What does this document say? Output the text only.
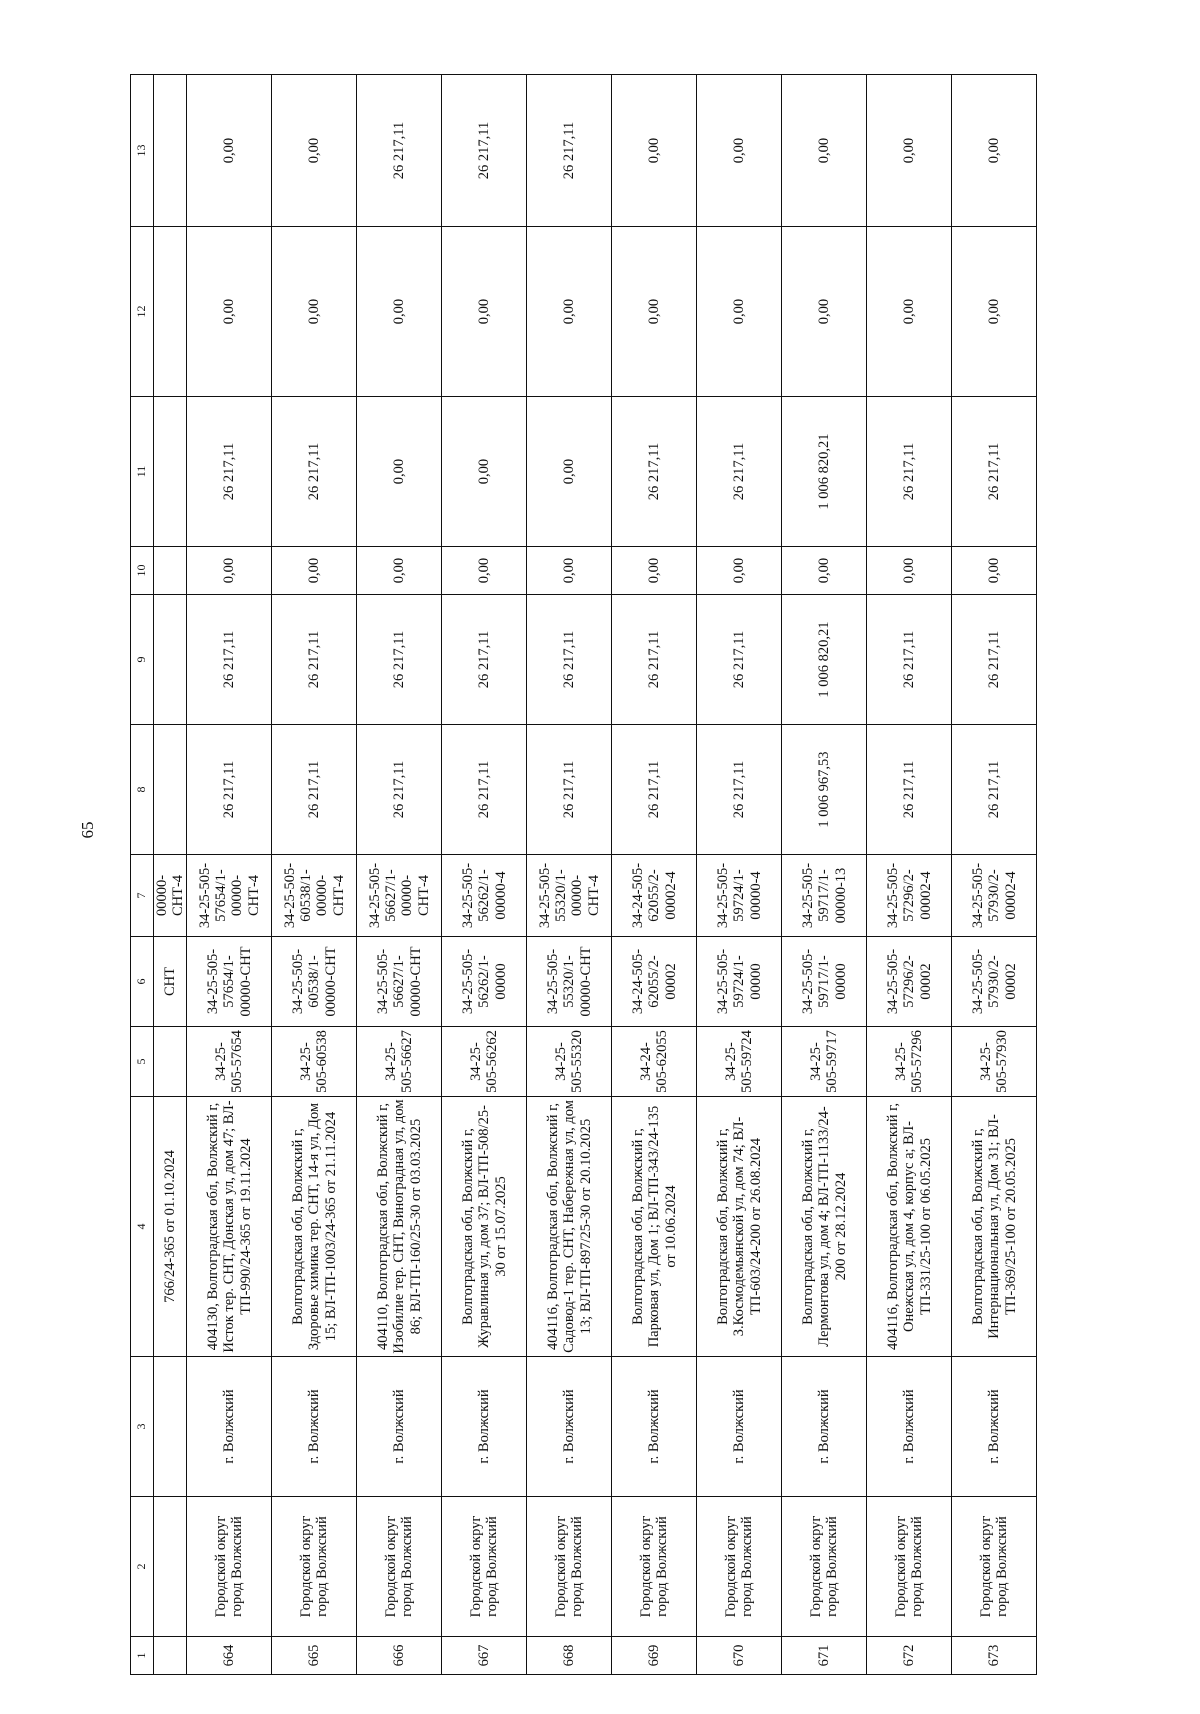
65
1	2	3	4	5	6	7	8	9	10	11	12	13
			766/24-365 от 01.10.2024		СНТ	00000-СНТ-4						
664	Городской округ город Волжский	г. Волжский	404130, Волгоградская обл, Волжский г, Исток тер. СНТ, Донская ул, дом 47; ВЛ-ТП-990/24-365 от 19.11.2024	34-25-505-57654	34-25-505-57654/1-00000-СНТ	34-25-505-57654/1-00000-СНТ-4	26 217,11	26 217,11	0,00	26 217,11	0,00	0,00
665	Городской округ город Волжский	г. Волжский	Волгоградская обл, Волжский г, Здоровье химика тер. СНТ, 14-я ул, Дом 15; ВЛ-ТП-1003/24-365 от 21.11.2024	34-25-505-60538	34-25-505-60538/1-00000-СНТ	34-25-505-60538/1-00000-СНТ-4	26 217,11	26 217,11	0,00	26 217,11	0,00	0,00
666	Городской округ город Волжский	г. Волжский	404110, Волгоградская обл, Волжский г, Изобилие тер. СНТ, Виноградная ул, дом 86; ВЛ-ТП-160/25-30 от 03.03.2025	34-25-505-56627	34-25-505-56627/1-00000-СНТ	34-25-505-56627/1-00000-СНТ-4	26 217,11	26 217,11	0,00	0,00	0,00	26 217,11
667	Городской округ город Волжский	г. Волжский	Волгоградская обл, Волжский г, Журавлиная ул, дом 37; ВЛ-ТП-508/25-30 от 15.07.2025	34-25-505-56262	34-25-505-56262/1-00000	34-25-505-56262/1-00000-4	26 217,11	26 217,11	0,00	0,00	0,00	26 217,11
668	Городской округ город Волжский	г. Волжский	404116, Волгоградская обл, Волжский г, Садовод-1 тер. СНТ, Набережная ул, дом 13; ВЛ-ТП-897/25-30 от 20.10.2025	34-25-505-55320	34-25-505-55320/1-00000-СНТ	34-25-505-55320/1-00000-СНТ-4	26 217,11	26 217,11	0,00	0,00	0,00	26 217,11
669	Городской округ город Волжский	г. Волжский	Волгоградская обл, Волжский г, Парковая ул, Дом 1; ВЛ-ТП-343/24-135 от 10.06.2024	34-24-505-62055	34-24-505-62055/2-00002	34-24-505-62055/2-00002-4	26 217,11	26 217,11	0,00	26 217,11	0,00	0,00
670	Городской округ город Волжский	г. Волжский	Волгоградская обл, Волжский г, З.Космодемьянской ул, дом 74; ВЛ-ТП-603/24-200 от 26.08.2024	34-25-505-59724	34-25-505-59724/1-00000	34-25-505-59724/1-00000-4	26 217,11	26 217,11	0,00	26 217,11	0,00	0,00
671	Городской округ город Волжский	г. Волжский	Волгоградская обл, Волжский г, Лермонтова ул, дом 4; ВЛ-ТП-1133/24-200 от 28.12.2024	34-25-505-59717	34-25-505-59717/1-00000	34-25-505-59717/1-00000-13	1 006 967,53	1 006 820,21	0,00	1 006 820,21	0,00	0,00
672	Городской округ город Волжский	г. Волжский	404116, Волгоградская обл, Волжский г, Онежская ул, дом 4, корпус а; ВЛ-ТП-331/25-100 от 06.05.2025	34-25-505-57296	34-25-505-57296/2-00002	34-25-505-57296/2-00002-4	26 217,11	26 217,11	0,00	26 217,11	0,00	0,00
673	Городской округ город Волжский	г. Волжский	Волгоградская обл, Волжский г, Интернациональная ул, Дом 31; ВЛ-ТП-369/25-100 от 20.05.2025	34-25-505-57930	34-25-505-57930/2-00002	34-25-505-57930/2-00002-4	26 217,11	26 217,11	0,00	26 217,11	0,00	0,00
